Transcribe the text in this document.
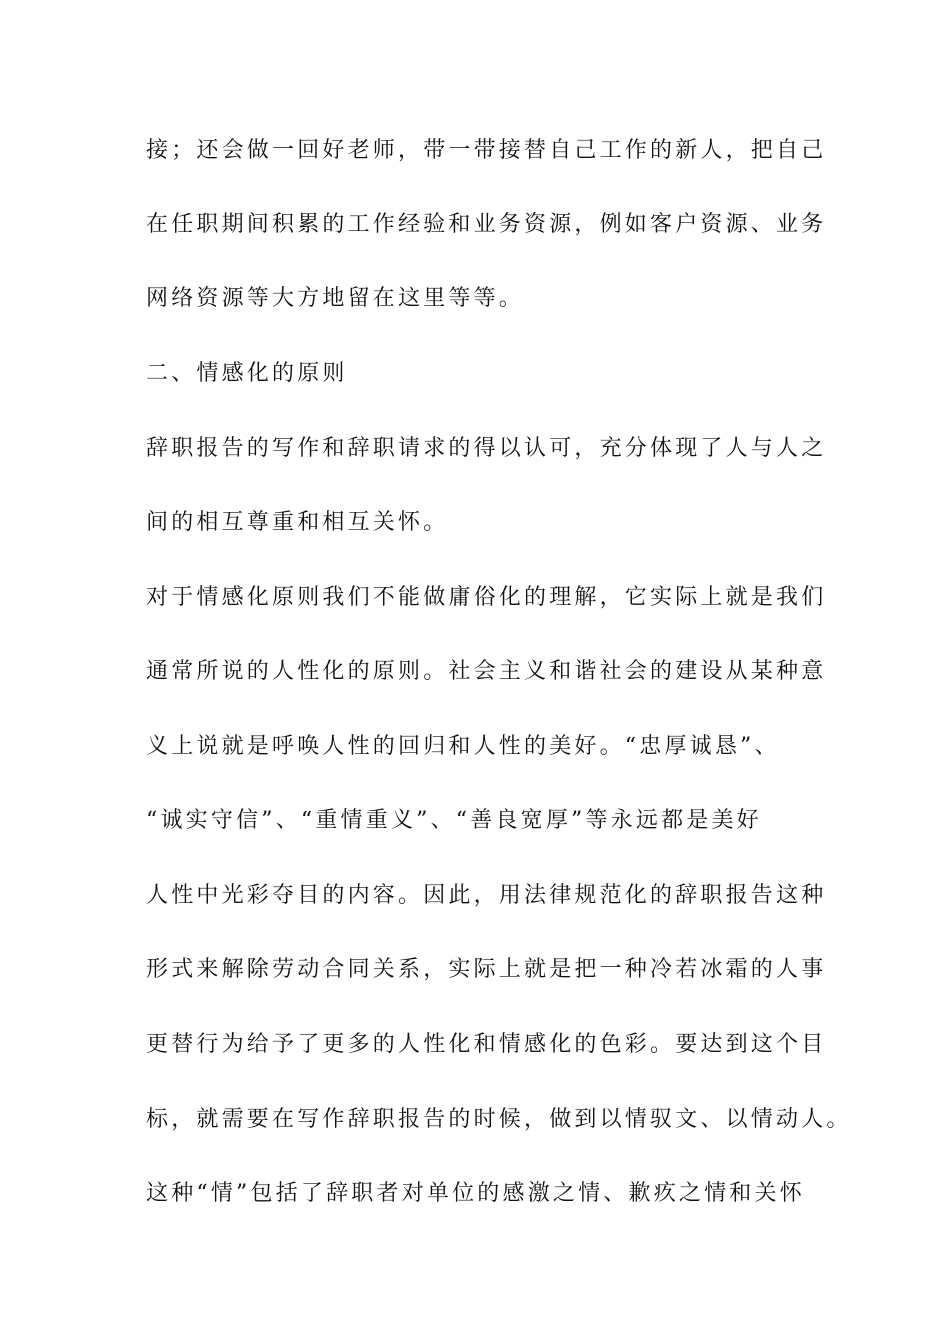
接；还会做一回好老师，带一带接替自己工作的新人，把自己
在任职期间积累的工作经验和业务资源，例如客户资源、业务
网络资源等大方地留在这里等等。
二、情感化的原则
辞职报告的写作和辞职请求的得以认可，充分体现了人与人之
间的相互尊重和相互关怀。
对于情感化原则我们不能做庸俗化的理解，它实际上就是我们
通常所说的人性化的原则。社会主义和谐社会的建设从某种意
义上说就是呼唤人性的回归和人性的美好。“忠厚诚恳”、
“诚实守信”、“重情重义”、“善良宽厚”等永远都是美好
人性中光彩夺目的内容。因此，用法律规范化的辞职报告这种
形式来解除劳动合同关系，实际上就是把一种冷若冰霜的人事
更替行为给予了更多的人性化和情感化的色彩。要达到这个目
标，就需要在写作辞职报告的时候，做到以情驭文、以情动人。
这种“情”包括了辞职者对单位的感激之情、歉疚之情和关怀
